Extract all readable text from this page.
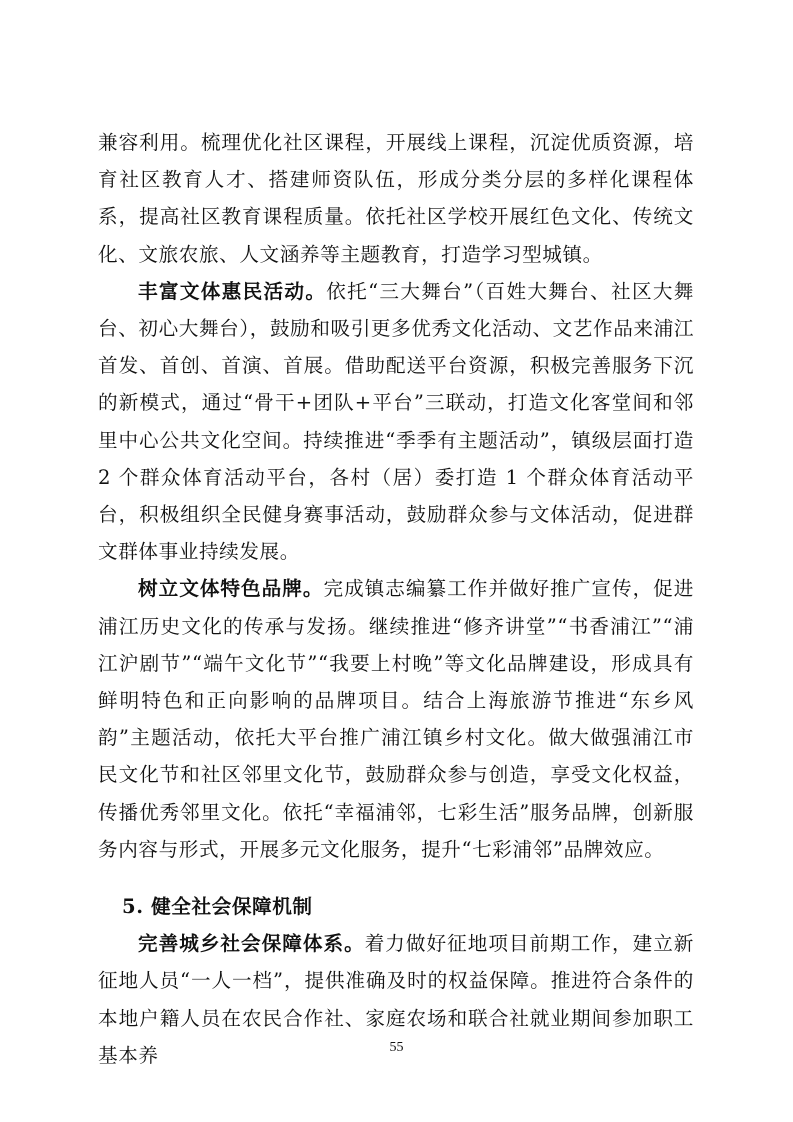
兼容利用。梳理优化社区课程，开展线上课程，沉淀优质资源，培育社区教育人才、搭建师资队伍，形成分类分层的多样化课程体系，提高社区教育课程质量。依托社区学校开展红色文化、传统文化、文旅农旅、人文涵养等主题教育，打造学习型城镇。

丰富文体惠民活动。依托“三大舞台”（百姓大舞台、社区大舞台、初心大舞台），鼓励和吸引更多优秀文化活动、文艺作品来浦江首发、首创、首演、首展。借助配送平台资源，积极完善服务下沉的新模式，通过“骨干+团队+平台”三联动，打造文化客堂间和邻里中心公共文化空间。持续推进“季季有主题活动”，镇级层面打造 2 个群众体育活动平台，各村（居）委打造 1 个群众体育活动平台，积极组织全民健身赛事活动，鼓励群众参与文体活动，促进群文群体事业持续发展。

树立文体特色品牌。完成镇志编纂工作并做好推广宣传，促进浦江历史文化的传承与发扬。继续推进“修齐讲堂”“书香浦江”“浦江沪剧节”“端午文化节”“我要上村晚”等文化品牌建设，形成具有鲜明特色和正向影响的品牌项目。结合上海旅游节推进“东乡风韵”主题活动，依托大平台推广浦江镇乡村文化。做大做强浦江市民文化节和社区邻里文化节，鼓励群众参与创造，享受文化权益，传播优秀邻里文化。依托“幸福浦邻，七彩生活”服务品牌，创新服务内容与形式，开展多元文化服务，提升“七彩浦邻”品牌效应。

5. 健全社会保障机制

完善城乡社会保障体系。着力做好征地项目前期工作，建立新征地人员“一人一档”，提供准确及时的权益保障。推进符合条件的本地户籍人员在农民合作社、家庭农场和联合社就业期间参加职工基本养	55
